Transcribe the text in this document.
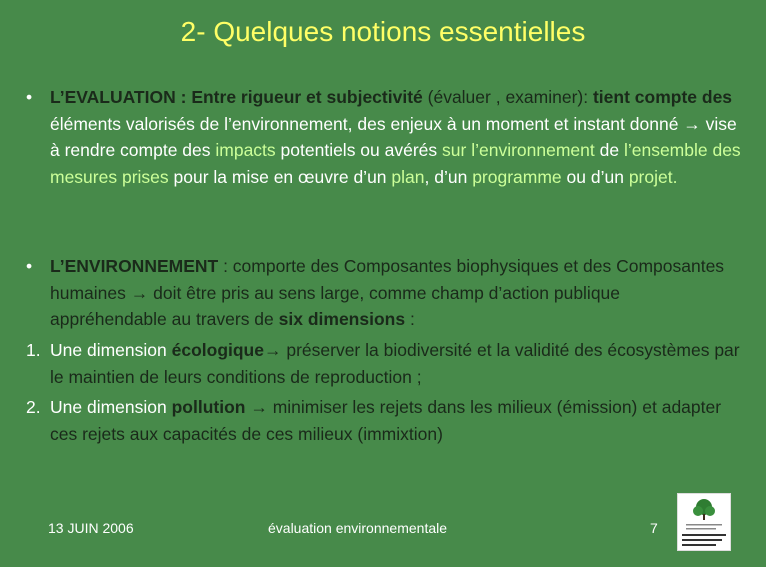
2- Quelques notions essentielles
•	L’EVALUATION : Entre rigueur et subjectivité (évaluer , examiner): tient compte des éléments valorisés de l’environnement, des enjeux à un moment et instant donné → vise à rendre compte des impacts potentiels ou avérés sur l’environnement de l’ensemble des mesures prises pour la mise en œuvre d’un plan, d’un programme ou d’un projet.
•	L’ENVIRONNEMENT : comporte des Composantes biophysiques et des Composantes humaines → doit être pris au sens large, comme champ d’action publique appréhendable au travers de six dimensions :
1. Une dimension écologique→ préserver la biodiversité et la validité des écosystèmes par le maintien de leurs conditions de reproduction ;
2. Une dimension pollution → minimiser les rejets dans les milieux (émission) et adapter ces rejets aux capacités de ces milieux (immixtion)
13 JUIN 2006	évaluation environnementale	7
